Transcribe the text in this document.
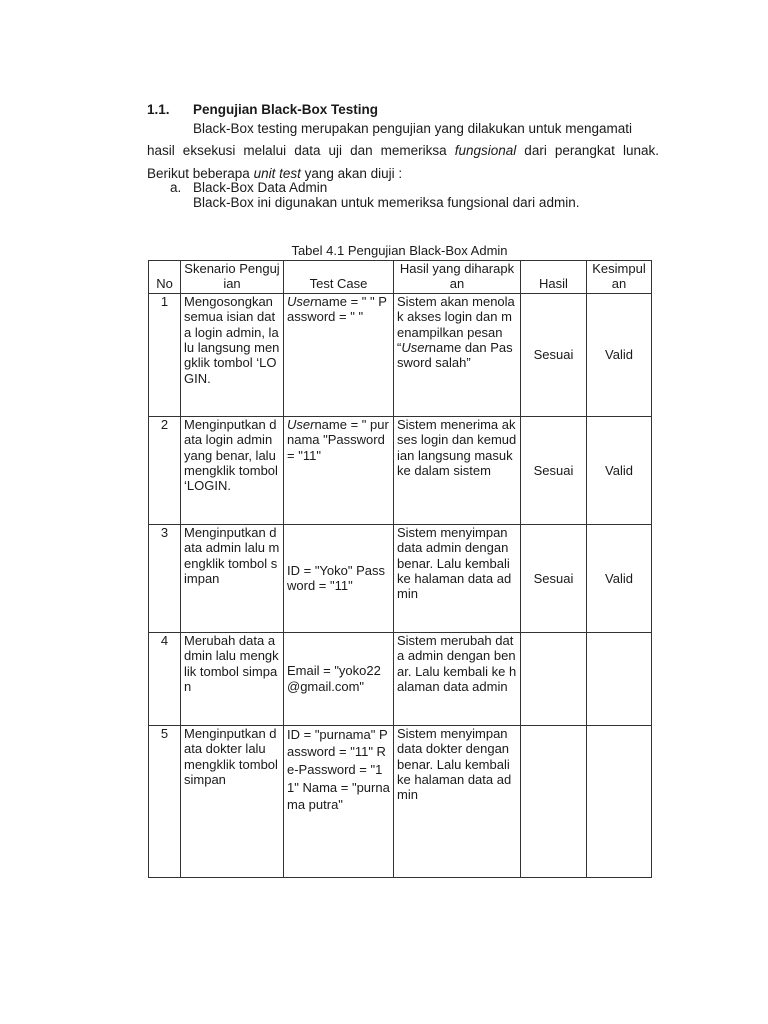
1.1. Pengujian Black-Box Testing
Black-Box testing merupakan pengujian yang dilakukan untuk mengamati
hasil eksekusi melalui data uji dan memeriksa fungsional dari perangkat lunak.
Berikut beberapa unit test yang akan diuji :
a. Black-Box Data Admin
Black-Box ini digunakan untuk memeriksa fungsional dari admin.
Tabel 4.1 Pengujian Black-Box Admin
No	Skenario Pengujian	Test Case	Hasil yang diharapkan	Hasil	Kesimpulan
1	Mengosongkan semua isian data login admin, lalu langsung mengklik tombol ‘LOGIN.	Username = " " Password = " "	Sistem akan menolak akses login dan menampilkan pesan “Username dan Password salah”	Sesuai	Valid
2	Menginputkan data login admin yang benar, lalu mengklik tombol ‘LOGIN.	Username = " purnama "Password = "11"	Sistem menerima akses login dan kemudian langsung masuk ke dalam sistem	Sesuai	Valid
3	Menginputkan data admin lalu mengklik tombol simpan	ID = "Yoko" Password = "11"	Sistem menyimpan data admin dengan benar. Lalu kembali ke halaman data admin	Sesuai	Valid
4	Merubah data admin lalu mengklik tombol simpan	Email = "yoko22@gmail.com"	Sistem merubah data admin dengan benar. Lalu kembali ke halaman data admin		
5	Menginputkan data dokter lalu mengklik tombol simpan	ID = "purnama" Password = "11" Re-Password = "11" Nama = "purnama putra"	Sistem menyimpan data dokter dengan benar. Lalu kembali ke halaman data admin		
